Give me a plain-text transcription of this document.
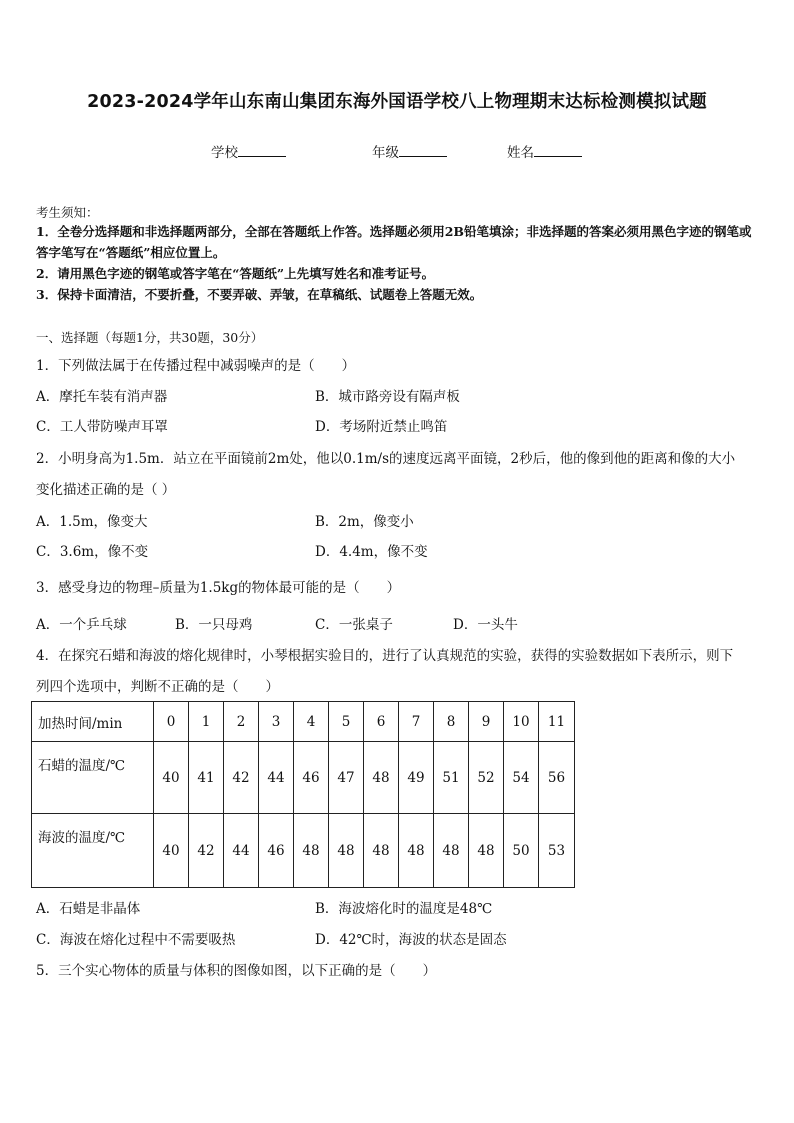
2023-2024学年山东南山集团东海外国语学校八上物理期末达标检测模拟试题
学校	年级	姓名
考生须知：
1．全卷分选择题和非选择题两部分，全部在答题纸上作答。选择题必须用2B铅笔填涂；非选择题的答案必须用黑色字迹的钢笔或答字笔写在“答题纸”相应位置上。
2．请用黑色字迹的钢笔或答字笔在“答题纸”上先填写姓名和准考证号。
3．保持卡面清洁，不要折叠，不要弄破、弄皱，在草稿纸、试题卷上答题无效。
一、选择题（每题1分，共30题，30分）
1．下列做法属于在传播过程中减弱噪声的是（　　）
A．摩托车装有消声器	B．城市路旁设有隔声板
C．工人带防噪声耳罩	D．考场附近禁止鸣笛
2．小明身高为1.5m．站立在平面镜前2m处，他以0.1m/s的速度远离平面镜，2秒后，他的像到他的距离和像的大小
变化描述正确的是（ ）
A．1.5m，像变大	B．2m，像变小
C．3.6m，像不变	D．4.4m，像不变
3．感受身边的物理–质量为1.5kg的物体最可能的是（　　）
A．一个乒乓球	B．一只母鸡	C．一张桌子	D．一头牛
4．在探究石蜡和海波的熔化规律时，小琴根据实验目的，进行了认真规范的实验，获得的实验数据如下表所示，则下
列四个选项中，判断不正确的是（　　）
加热时间/min	0	1	2	3	4	5	6	7	8	9	10	11
石蜡的温度/℃	40	41	42	44	46	47	48	49	51	52	54	56
海波的温度/℃	40	42	44	46	48	48	48	48	48	48	50	53
A．石蜡是非晶体	B．海波熔化时的温度是48℃
C．海波在熔化过程中不需要吸热	D．42℃时，海波的状态是固态
5．三个实心物体的质量与体积的图像如图，以下正确的是（　　）
